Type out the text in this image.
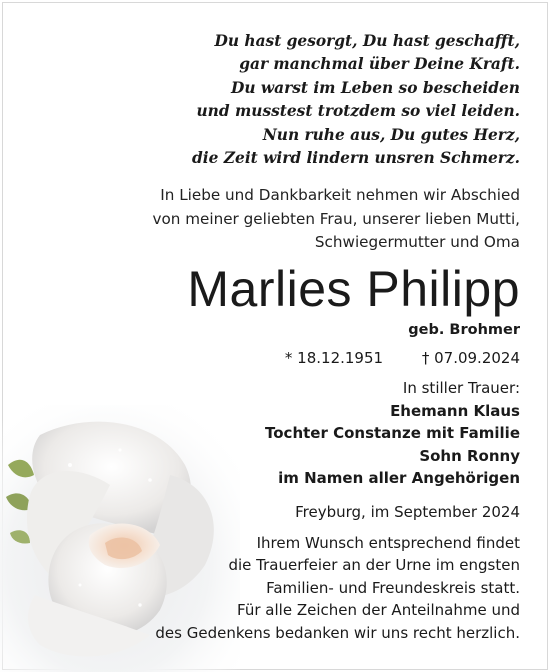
Du hast gesorgt, Du hast geschafft,
gar manchmal über Deine Kraft.
Du warst im Leben so bescheiden
und musstest trotzdem so viel leiden.
Nun ruhe aus, Du gutes Herz,
die Zeit wird lindern unsren Schmerz.
In Liebe und Dankbarkeit nehmen wir Abschied
von meiner geliebten Frau, unserer lieben Mutti,
Schwiegermutter und Oma
Marlies Philipp
geb. Brohmer
* 18.12.1951	† 07.09.2024
In stiller Trauer:
Ehemann Klaus
Tochter Constanze mit Familie
Sohn Ronny
im Namen aller Angehörigen
Freyburg, im September 2024
Ihrem Wunsch entsprechend findet
die Trauerfeier an der Urne im engsten
Familien- und Freundeskreis statt.
Für alle Zeichen der Anteilnahme und
des Gedenkens bedanken wir uns recht herzlich.
